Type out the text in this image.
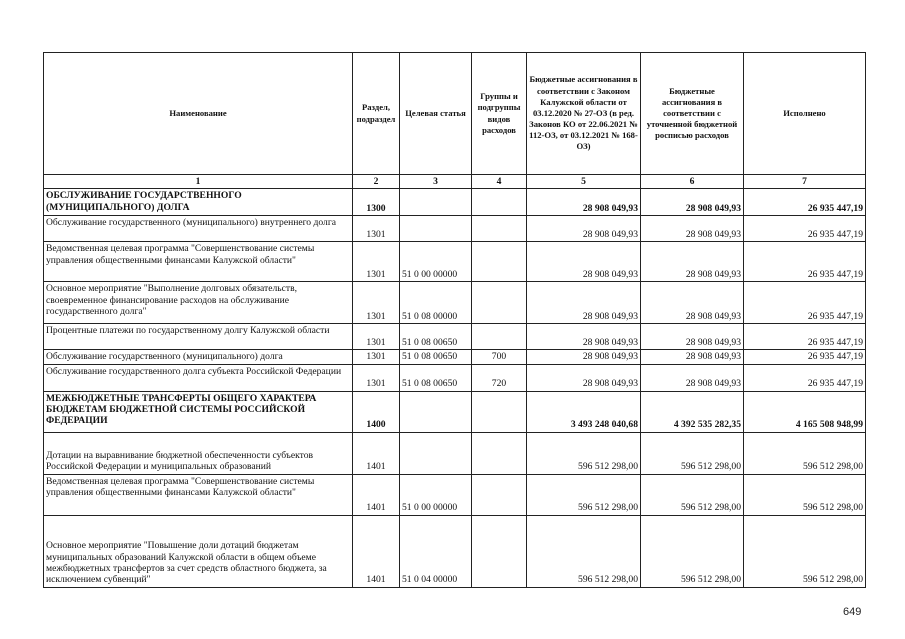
Наименование	Раздел, подраздел	Целевая статья	Группы и подгруппы видов расходов	Бюджетные ассигнования в соответствии с Законом Калужской области от 03.12.2020 № 27-ОЗ (в ред. Законов КО от 22.06.2021 № 112-ОЗ, от 03.12.2021 № 168-ОЗ)	Бюджетные ассигнования в соответствии с уточненной бюджетной росписью расходов	Исполнено
1	2	3	4	5	6	7
ОБСЛУЖИВАНИЕ ГОСУДАРСТВЕННОГО (МУНИЦИПАЛЬНОГО) ДОЛГА	1300			28 908 049,93	28 908 049,93	26 935 447,19
Обслуживание государственного (муниципального) внутреннего долга	1301			28 908 049,93	28 908 049,93	26 935 447,19
Ведомственная целевая программа "Совершенствование системы управления общественными финансами Калужской области"	1301	51 0 00 00000		28 908 049,93	28 908 049,93	26 935 447,19
Основное мероприятие "Выполнение долговых обязательств, своевременное финансирование расходов на обслуживание государственного долга"	1301	51 0 08 00000		28 908 049,93	28 908 049,93	26 935 447,19
Процентные платежи по государственному долгу Калужской области	1301	51 0 08 00650		28 908 049,93	28 908 049,93	26 935 447,19
Обслуживание государственного (муниципального) долга	1301	51 0 08 00650	700	28 908 049,93	28 908 049,93	26 935 447,19
Обслуживание государственного долга субъекта Российской Федерации	1301	51 0 08 00650	720	28 908 049,93	28 908 049,93	26 935 447,19
МЕЖБЮДЖЕТНЫЕ ТРАНСФЕРТЫ ОБЩЕГО ХАРАКТЕРА БЮДЖЕТАМ БЮДЖЕТНОЙ СИСТЕМЫ РОССИЙСКОЙ ФЕДЕРАЦИИ	1400			3 493 248 040,68	4 392 535 282,35	4 165 508 948,99
Дотации на выравнивание бюджетной обеспеченности субъектов Российской Федерации и муниципальных образований	1401			596 512 298,00	596 512 298,00	596 512 298,00
Ведомственная целевая программа "Совершенствование системы управления общественными финансами Калужской области"	1401	51 0 00 00000		596 512 298,00	596 512 298,00	596 512 298,00
Основное мероприятие "Повышение доли дотаций бюджетам муниципальных образований Калужской области в общем объеме межбюджетных трансфертов за счет средств областного бюджета, за исключением субвенций"	1401	51 0 04 00000		596 512 298,00	596 512 298,00	596 512 298,00
649
